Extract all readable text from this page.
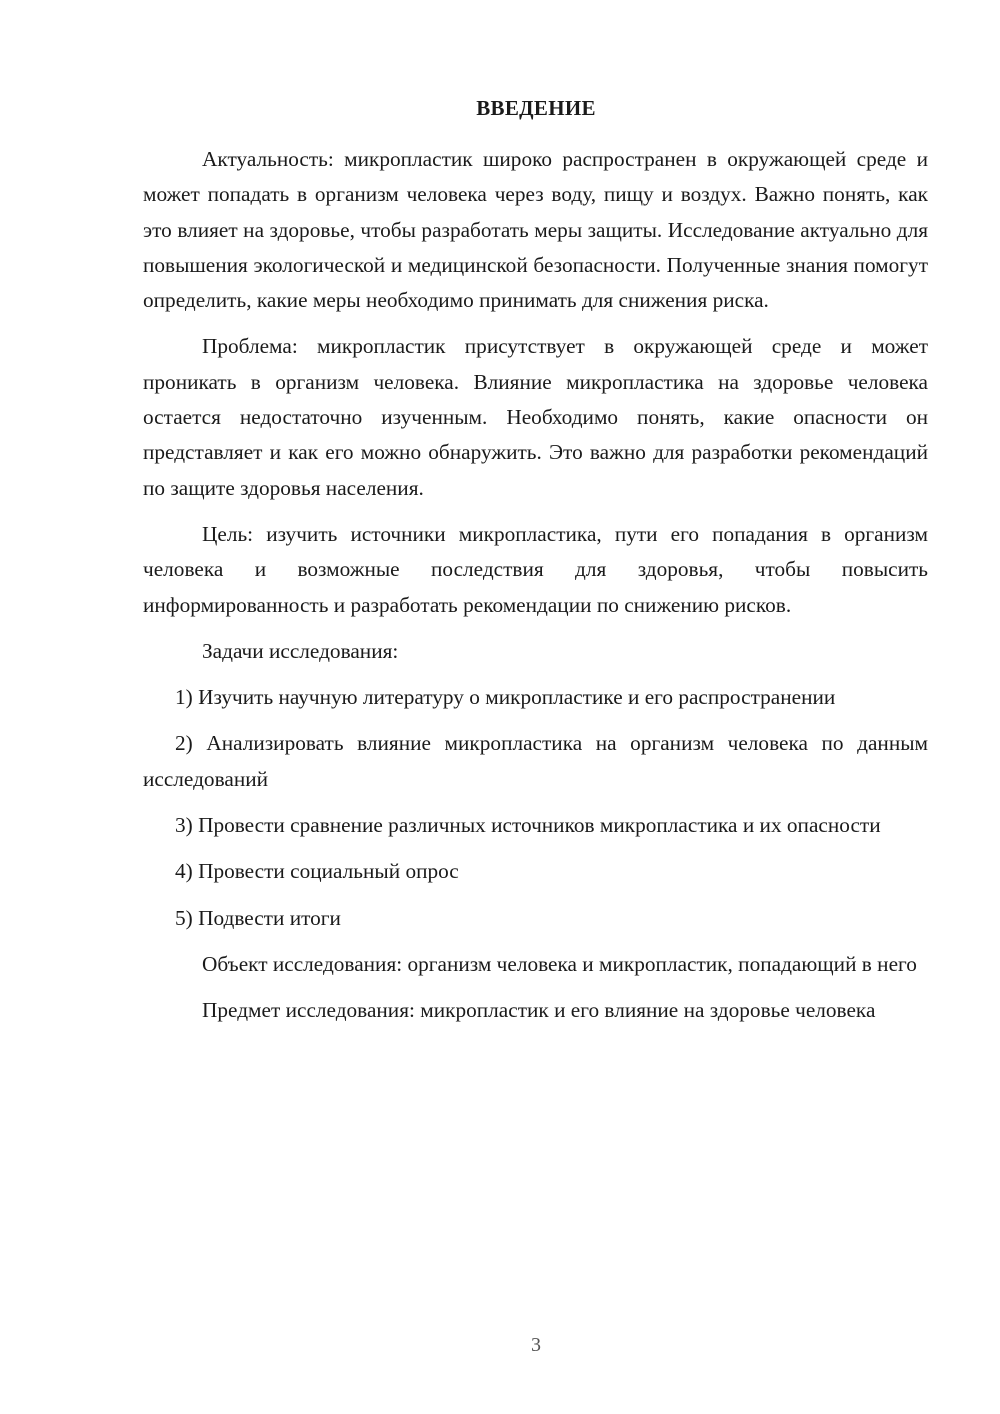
ВВЕДЕНИЕ

Актуальность: микропластик широко распространен в окружающей среде и может попадать в организм человека через воду, пищу и воздух. Важно понять, как это влияет на здоровье, чтобы разработать меры защиты. Исследование актуально для повышения экологической и медицинской безопасности. Полученные знания помогут определить, какие меры необходимо принимать для снижения риска.

Проблема: микропластик присутствует в окружающей среде и может проникать в организм человека. Влияние микропластика на здоровье человека остается недостаточно изученным. Необходимо понять, какие опасности он представляет и как его можно обнаружить. Это важно для разработки рекомендаций по защите здоровья населения.

Цель: изучить источники микропластика, пути его попадания в организм человека и возможные последствия для здоровья, чтобы повысить информированность и разработать рекомендации по снижению рисков.

Задачи исследования:

1) Изучить научную литературу о микропластике и его распространении

2) Анализировать влияние микропластика на организм человека по данным исследований

3) Провести сравнение различных источников микропластика и их опасности

4) Провести социальный опрос

5) Подвести итоги

Объект исследования: организм человека и микропластик, попадающий в него

Предмет исследования: микропластик и его влияние на здоровье человека

3
